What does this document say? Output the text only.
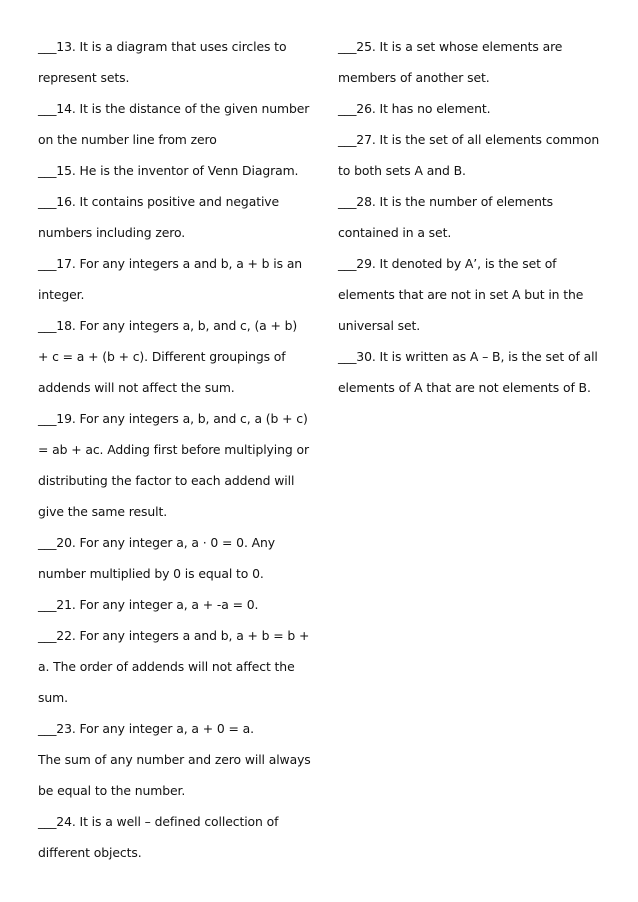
___13. It is a diagram that uses circles to
represent sets.
___14. It is the distance of the given number
on the number line from zero
___15. He is the inventor of Venn Diagram.
___16. It contains positive and negative
numbers including zero.
___17. For any integers a and b, a + b is an
integer.
___18. For any integers a, b, and c, (a + b)
+ c = a + (b + c). Different groupings of
addends will not affect the sum.
___19. For any integers a, b, and c, a (b + c)
= ab + ac. Adding first before multiplying or
distributing the factor to each addend will
give the same result.
___20. For any integer a, a · 0 = 0. Any
number multiplied by 0 is equal to 0.
___21. For any integer a, a + -a = 0.
___22. For any integers a and b, a + b = b +
a. The order of addends will not affect the
sum.
___23. For any integer a, a + 0 = a.
The sum of any number and zero will always
be equal to the number.
___24. It is a well – defined collection of
different objects.
___25. It is a set whose elements are
members of another set.
___26. It has no element.
___27. It is the set of all elements common
to both sets A and B.
___28. It is the number of elements
contained in a set.
___29. It denoted by A’, is the set of
elements that are not in set A but in the
universal set.
___30. It is written as A – B, is the set of all
elements of A that are not elements of B.
